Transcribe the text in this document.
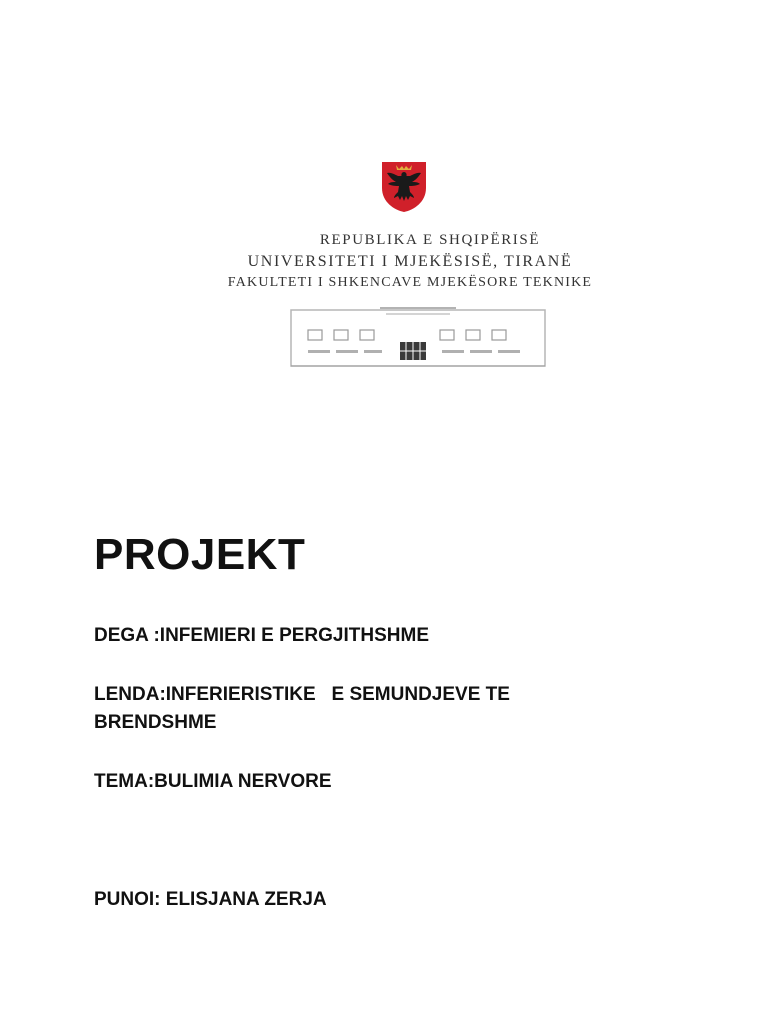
REPUBLIKA E SHQIPËRISË
UNIVERSITETI I MJEKËSISË, TIRANË
FAKULTETI I SHKENCAVE MJEKËSORE TEKNIKE
PROJEKT
DEGA :INFEMIERI E PERGJITHSHME
LENDA:INFERIERISTIKE   E SEMUNDJEVE TE BRENDSHME
TEMA:BULIMIA NERVORE
PUNOI: ELISJANA ZERJA
